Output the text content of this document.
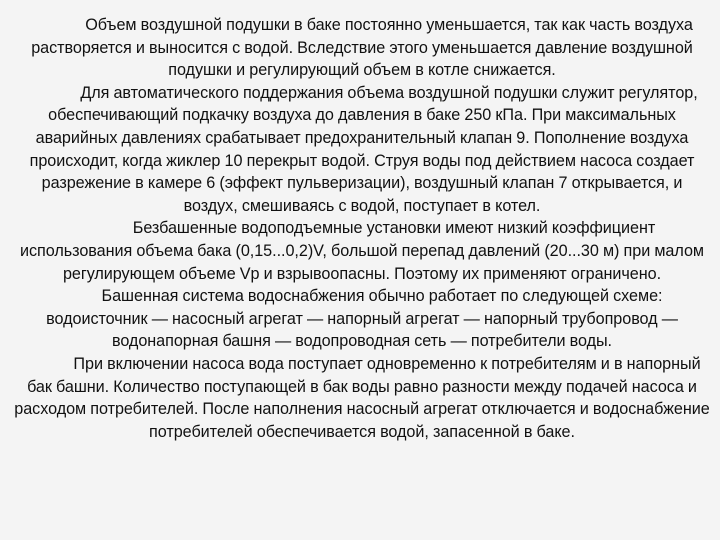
Объем воздушной подушки в баке постоянно уменьшается, так как часть воздуха растворяется и выносится с водой. Вследствие этого уменьшается давление воздушной подушки и регулирующий объем в котле снижается.

Для автоматического поддержания объема воздушной подушки служит регулятор, обеспечивающий подкачку воздуха до давления в баке 250 кПа. При максимальных аварийных давлениях срабатывает предохранительный клапан 9. Пополнение воздуха происходит, когда жиклер 10 перекрыт водой. Струя воды под действием насоса создает разрежение в камере 6 (эффект пульверизации), воздушный клапан 7 открывается, и воздух, смешиваясь с водой, поступает в котел.

Безбашенные водоподъемные установки имеют низкий коэффициент использования объема бака (0,15...0,2)V, большой перепад давлений (20...30 м) при малом регулирующем объеме Vр и взрывоопасны. Поэтому их применяют ограничено.

Башенная система водоснабжения обычно работает по следующей схеме: водоисточник — насосный агрегат — напорный агрегат — напорный трубопровод — водонапорная башня — водопроводная сеть — потребители воды.

При включении насоса вода поступает одновременно к потребителям и в напорный бак башни. Количество поступающей в бак воды равно разности между подачей насоса и расходом потребителей. После наполнения насосный агрегат отключается и водоснабжение потребителей обеспечивается водой, запасенной в баке.
